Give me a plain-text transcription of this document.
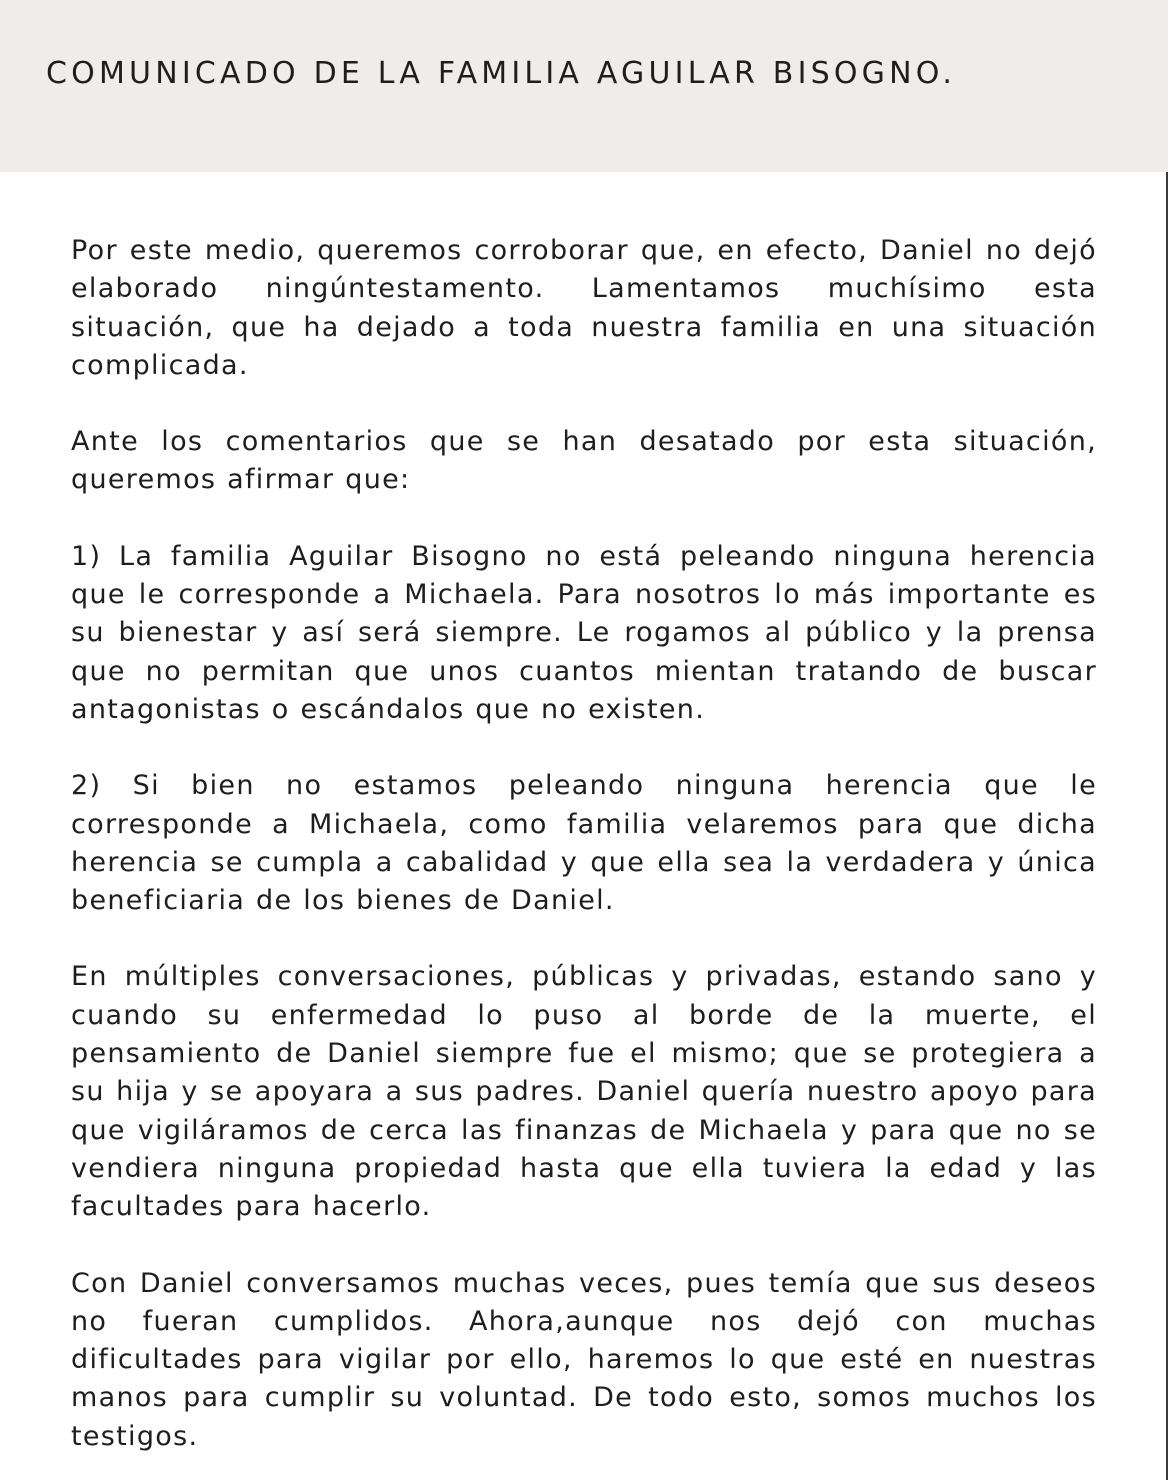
COMUNICADO DE LA FAMILIA AGUILAR BISOGNO.

Por este medio, queremos corroborar que, en efecto, Daniel no dejó elaborado ningúntestamento. Lamentamos muchísimo esta situación, que ha dejado a toda nuestra familia en una situación complicada.

Ante los comentarios que se han desatado por esta situación, queremos afirmar que:

1) La familia Aguilar Bisogno no está peleando ninguna herencia que le corresponde a Michaela. Para nosotros lo más importante es su bienestar y así será siempre. Le rogamos al público y la prensa que no permitan que unos cuantos mientan tratando de buscar antagonistas o escándalos que no existen.

2) Si bien no estamos peleando ninguna herencia que le corresponde a Michaela, como familia velaremos para que dicha herencia se cumpla a cabalidad y que ella sea la verdadera y única beneficiaria de los bienes de Daniel.

En múltiples conversaciones, públicas y privadas, estando sano y cuando su enfermedad lo puso al borde de la muerte, el pensamiento de Daniel siempre fue el mismo; que se protegiera a su hija y se apoyara a sus padres. Daniel quería nuestro apoyo para que vigiláramos de cerca las finanzas de Michaela y para que no se vendiera ninguna propiedad hasta que ella tuviera la edad y las facultades para hacerlo.

Con Daniel conversamos muchas veces, pues temía que sus deseos no fueran cumplidos. Ahora,aunque nos dejó con muchas dificultades para vigilar por ello, haremos lo que esté en nuestras manos para cumplir su voluntad. De todo esto, somos muchos los testigos.
